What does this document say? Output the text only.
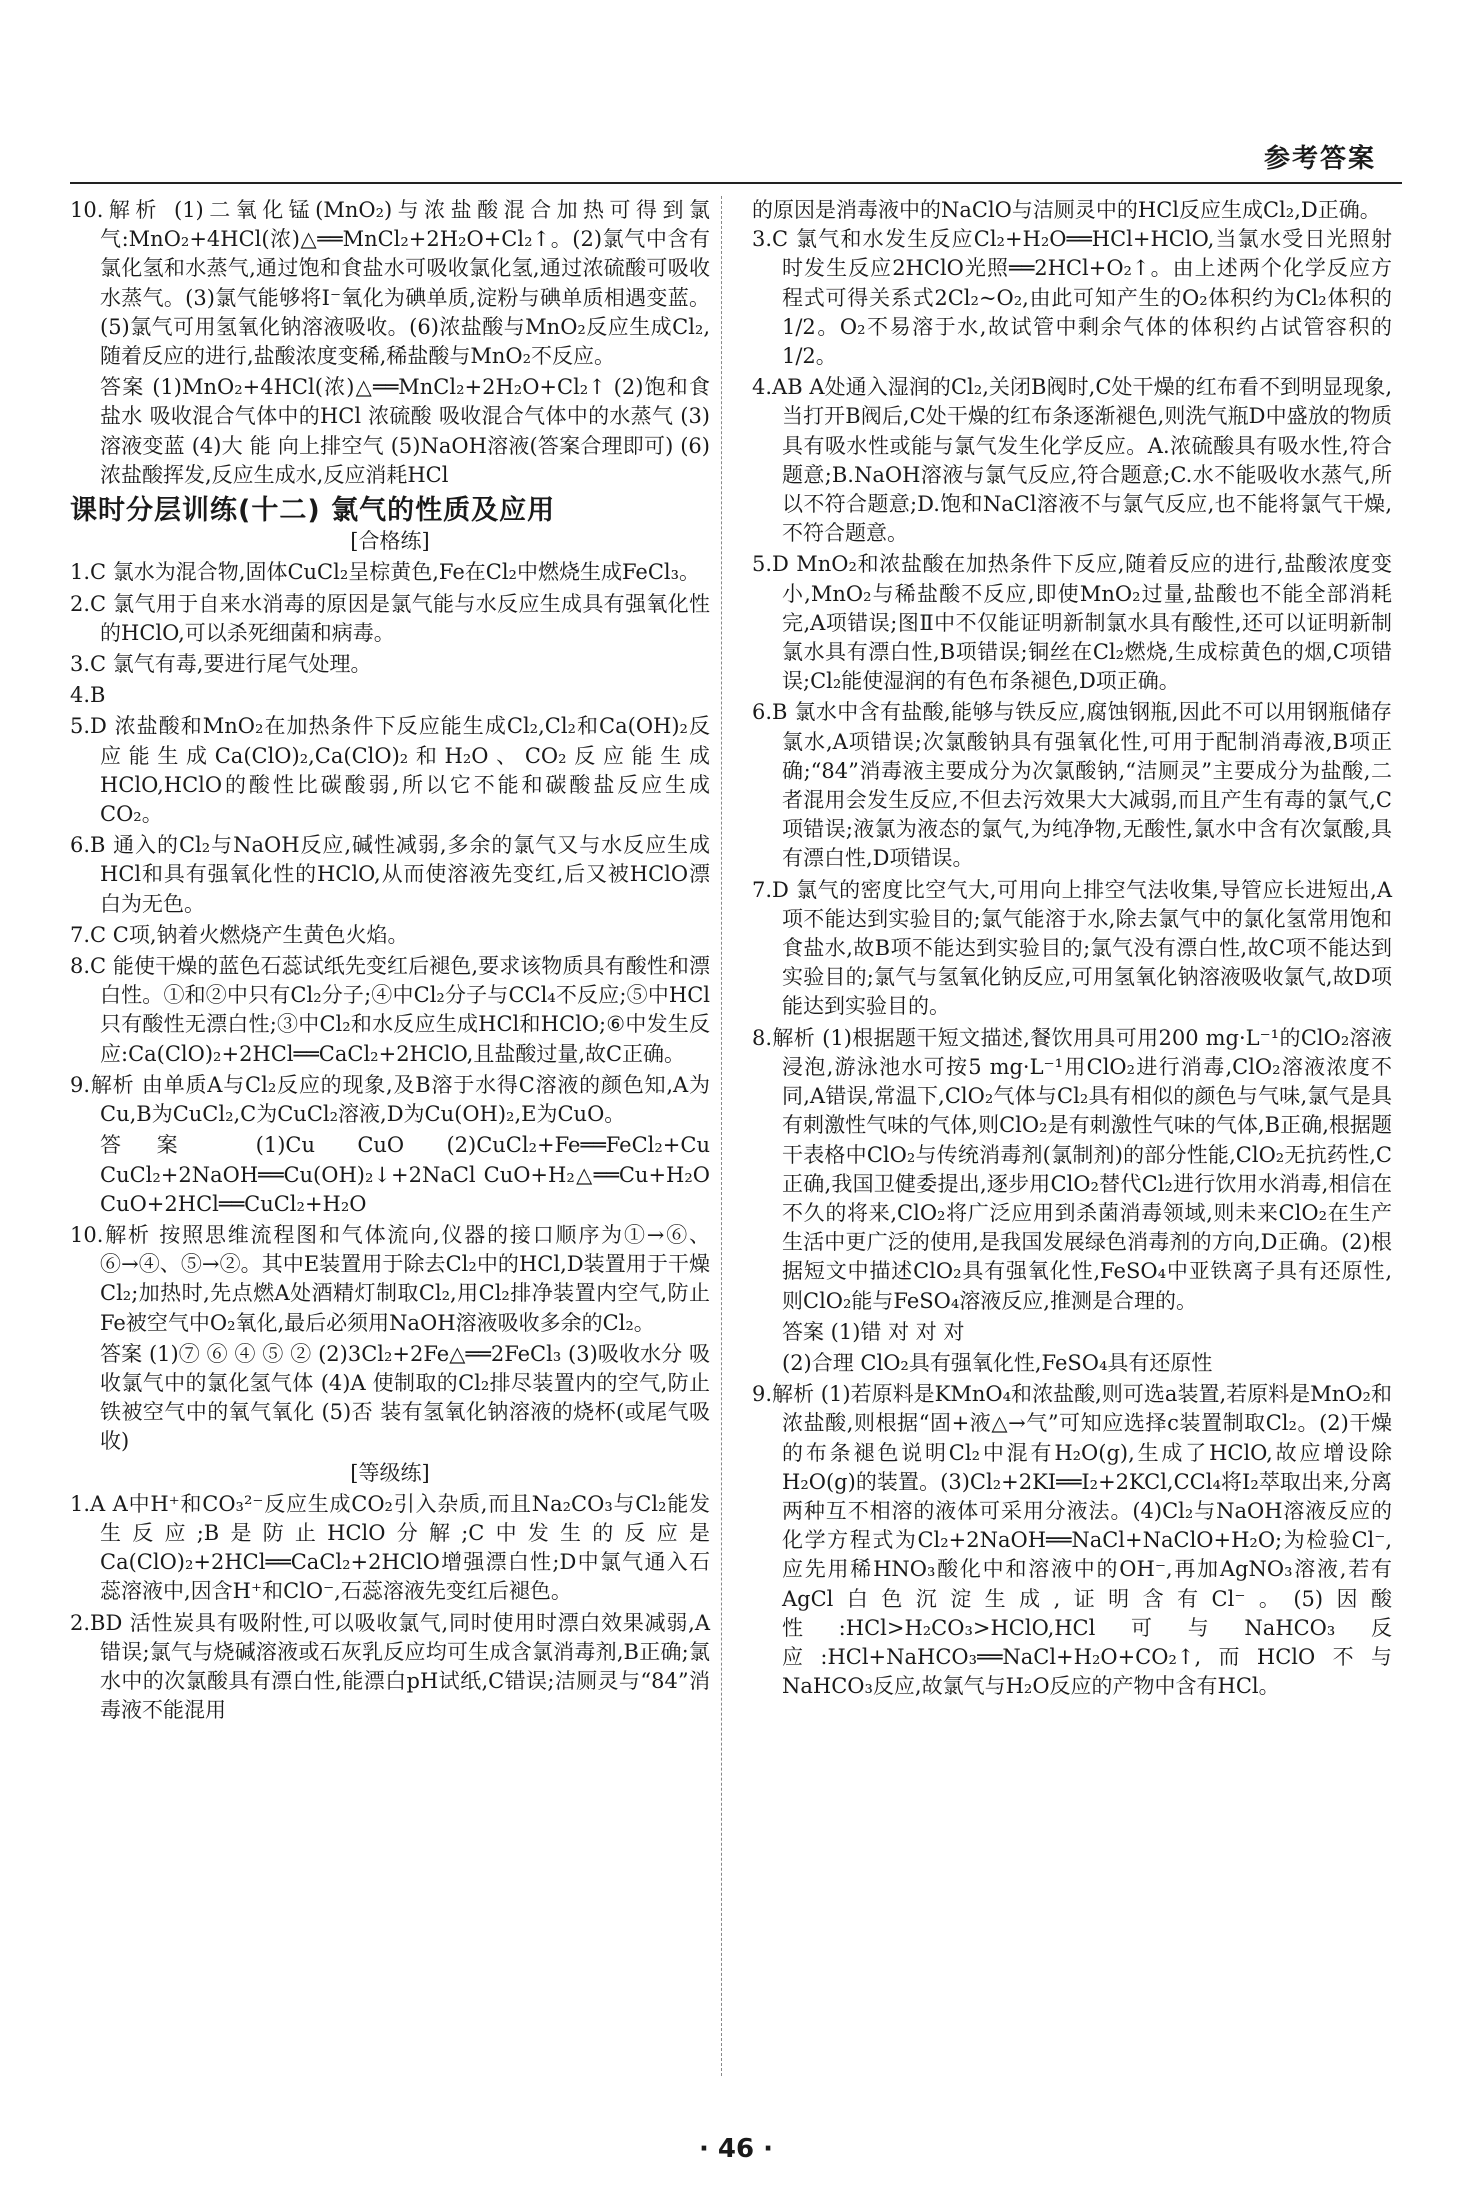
参考答案
10.解析 (1)二氧化锰(MnO₂)与浓盐酸混合加热可得到氯气:MnO₂+4HCl(浓)△══MnCl₂+2H₂O+Cl₂↑。(2)氯气中含有氯化氢和水蒸气,通过饱和食盐水可吸收氯化氢,通过浓硫酸可吸收水蒸气。(3)氯气能够将I⁻氧化为碘单质,淀粉与碘单质相遇变蓝。(5)氯气可用氢氧化钠溶液吸收。(6)浓盐酸与MnO₂反应生成Cl₂,随着反应的进行,盐酸浓度变稀,稀盐酸与MnO₂不反应。
答案 (1)MnO₂+4HCl(浓)△══MnCl₂+2H₂O+Cl₂↑ (2)饱和食盐水 吸收混合气体中的HCl 浓硫酸 吸收混合气体中的水蒸气 (3)溶液变蓝 (4)大 能 向上排空气 (5)NaOH溶液(答案合理即可) (6)浓盐酸挥发,反应生成水,反应消耗HCl
课时分层训练(十二) 氯气的性质及应用
[合格练]
1.C 氯水为混合物,固体CuCl₂呈棕黄色,Fe在Cl₂中燃烧生成FeCl₃。
2.C 氯气用于自来水消毒的原因是氯气能与水反应生成具有强氧化性的HClO,可以杀死细菌和病毒。
3.C 氯气有毒,要进行尾气处理。
4.B
5.D 浓盐酸和MnO₂在加热条件下反应能生成Cl₂,Cl₂和Ca(OH)₂反应能生成Ca(ClO)₂,Ca(ClO)₂和H₂O、CO₂反应能生成HClO,HClO的酸性比碳酸弱,所以它不能和碳酸盐反应生成CO₂。
6.B 通入的Cl₂与NaOH反应,碱性减弱,多余的氯气又与水反应生成HCl和具有强氧化性的HClO,从而使溶液先变红,后又被HClO漂白为无色。
7.C C项,钠着火燃烧产生黄色火焰。
8.C 能使干燥的蓝色石蕊试纸先变红后褪色,要求该物质具有酸性和漂白性。①和②中只有Cl₂分子;④中Cl₂分子与CCl₄不反应;⑤中HCl只有酸性无漂白性;③中Cl₂和水反应生成HCl和HClO;⑥中发生反应:Ca(ClO)₂+2HCl══CaCl₂+2HClO,且盐酸过量,故C正确。
9.解析 由单质A与Cl₂反应的现象,及B溶于水得C溶液的颜色知,A为Cu,B为CuCl₂,C为CuCl₂溶液,D为Cu(OH)₂,E为CuO。
答案 (1)Cu CuO (2)CuCl₂+Fe══FeCl₂+Cu CuCl₂+2NaOH══Cu(OH)₂↓+2NaCl CuO+H₂△══Cu+H₂O CuO+2HCl══CuCl₂+H₂O
10.解析 按照思维流程图和气体流向,仪器的接口顺序为①→⑥、⑥→④、⑤→②。其中E装置用于除去Cl₂中的HCl,D装置用于干燥Cl₂;加热时,先点燃A处酒精灯制取Cl₂,用Cl₂排净装置内空气,防止Fe被空气中O₂氧化,最后必须用NaOH溶液吸收多余的Cl₂。
答案 (1)⑦ ⑥ ④ ⑤ ② (2)3Cl₂+2Fe△══2FeCl₃ (3)吸收水分 吸收氯气中的氯化氢气体 (4)A 使制取的Cl₂排尽装置内的空气,防止铁被空气中的氧气氧化 (5)否 装有氢氧化钠溶液的烧杯(或尾气吸收)
[等级练]
1.A A中H⁺和CO₃²⁻反应生成CO₂引入杂质,而且Na₂CO₃与Cl₂能发生反应;B是防止HClO分解;C中发生的反应是Ca(ClO)₂+2HCl══CaCl₂+2HClO增强漂白性;D中氯气通入石蕊溶液中,因含H⁺和ClO⁻,石蕊溶液先变红后褪色。
2.BD 活性炭具有吸附性,可以吸收氯气,同时使用时漂白效果减弱,A错误;氯气与烧碱溶液或石灰乳反应均可生成含氯消毒剂,B正确;氯水中的次氯酸具有漂白性,能漂白pH试纸,C错误;洁厕灵与“84”消毒液不能混用
的原因是消毒液中的NaClO与洁厕灵中的HCl反应生成Cl₂,D正确。
3.C 氯气和水发生反应Cl₂+H₂O══HCl+HClO,当氯水受日光照射时发生反应2HClO光照══2HCl+O₂↑。由上述两个化学反应方程式可得关系式2Cl₂~O₂,由此可知产生的O₂体积约为Cl₂体积的1/2。O₂不易溶于水,故试管中剩余气体的体积约占试管容积的1/2。
4.AB A处通入湿润的Cl₂,关闭B阀时,C处干燥的红布看不到明显现象,当打开B阀后,C处干燥的红布条逐渐褪色,则洗气瓶D中盛放的物质具有吸水性或能与氯气发生化学反应。A.浓硫酸具有吸水性,符合题意;B.NaOH溶液与氯气反应,符合题意;C.水不能吸收水蒸气,所以不符合题意;D.饱和NaCl溶液不与氯气反应,也不能将氯气干燥,不符合题意。
5.D MnO₂和浓盐酸在加热条件下反应,随着反应的进行,盐酸浓度变小,MnO₂与稀盐酸不反应,即使MnO₂过量,盐酸也不能全部消耗完,A项错误;图Ⅱ中不仅能证明新制氯水具有酸性,还可以证明新制氯水具有漂白性,B项错误;铜丝在Cl₂燃烧,生成棕黄色的烟,C项错误;Cl₂能使湿润的有色布条褪色,D项正确。
6.B 氯水中含有盐酸,能够与铁反应,腐蚀钢瓶,因此不可以用钢瓶储存氯水,A项错误;次氯酸钠具有强氧化性,可用于配制消毒液,B项正确;“84”消毒液主要成分为次氯酸钠,“洁厕灵”主要成分为盐酸,二者混用会发生反应,不但去污效果大大减弱,而且产生有毒的氯气,C项错误;液氯为液态的氯气,为纯净物,无酸性,氯水中含有次氯酸,具有漂白性,D项错误。
7.D 氯气的密度比空气大,可用向上排空气法收集,导管应长进短出,A项不能达到实验目的;氯气能溶于水,除去氯气中的氯化氢常用饱和食盐水,故B项不能达到实验目的;氯气没有漂白性,故C项不能达到实验目的;氯气与氢氧化钠反应,可用氢氧化钠溶液吸收氯气,故D项能达到实验目的。
8.解析 (1)根据题干短文描述,餐饮用具可用200 mg·L⁻¹的ClO₂溶液浸泡,游泳池水可按5 mg·L⁻¹用ClO₂进行消毒,ClO₂溶液浓度不同,A错误,常温下,ClO₂气体与Cl₂具有相似的颜色与气味,氯气是具有刺激性气味的气体,则ClO₂是有刺激性气味的气体,B正确,根据题干表格中ClO₂与传统消毒剂(氯制剂)的部分性能,ClO₂无抗药性,C正确,我国卫健委提出,逐步用ClO₂替代Cl₂进行饮用水消毒,相信在不久的将来,ClO₂将广泛应用到杀菌消毒领域,则未来ClO₂在生产生活中更广泛的使用,是我国发展绿色消毒剂的方向,D正确。(2)根据短文中描述ClO₂具有强氧化性,FeSO₄中亚铁离子具有还原性,则ClO₂能与FeSO₄溶液反应,推测是合理的。
答案 (1)错 对 对 对
(2)合理 ClO₂具有强氧化性,FeSO₄具有还原性
9.解析 (1)若原料是KMnO₄和浓盐酸,则可选a装置,若原料是MnO₂和浓盐酸,则根据“固+液△→气”可知应选择c装置制取Cl₂。(2)干燥的布条褪色说明Cl₂中混有H₂O(g),生成了HClO,故应增设除H₂O(g)的装置。(3)Cl₂+2KI══I₂+2KCl,CCl₄将I₂萃取出来,分离两种互不相溶的液体可采用分液法。(4)Cl₂与NaOH溶液反应的化学方程式为Cl₂+2NaOH══NaCl+NaClO+H₂O;为检验Cl⁻,应先用稀HNO₃酸化中和溶液中的OH⁻,再加AgNO₃溶液,若有AgCl白色沉淀生成,证明含有Cl⁻。(5)因酸性:HCl>H₂CO₃>HClO,HCl可与NaHCO₃反应:HCl+NaHCO₃══NaCl+H₂O+CO₂↑,而HClO不与NaHCO₃反应,故氯气与H₂O反应的产物中含有HCl。
· 46 ·
